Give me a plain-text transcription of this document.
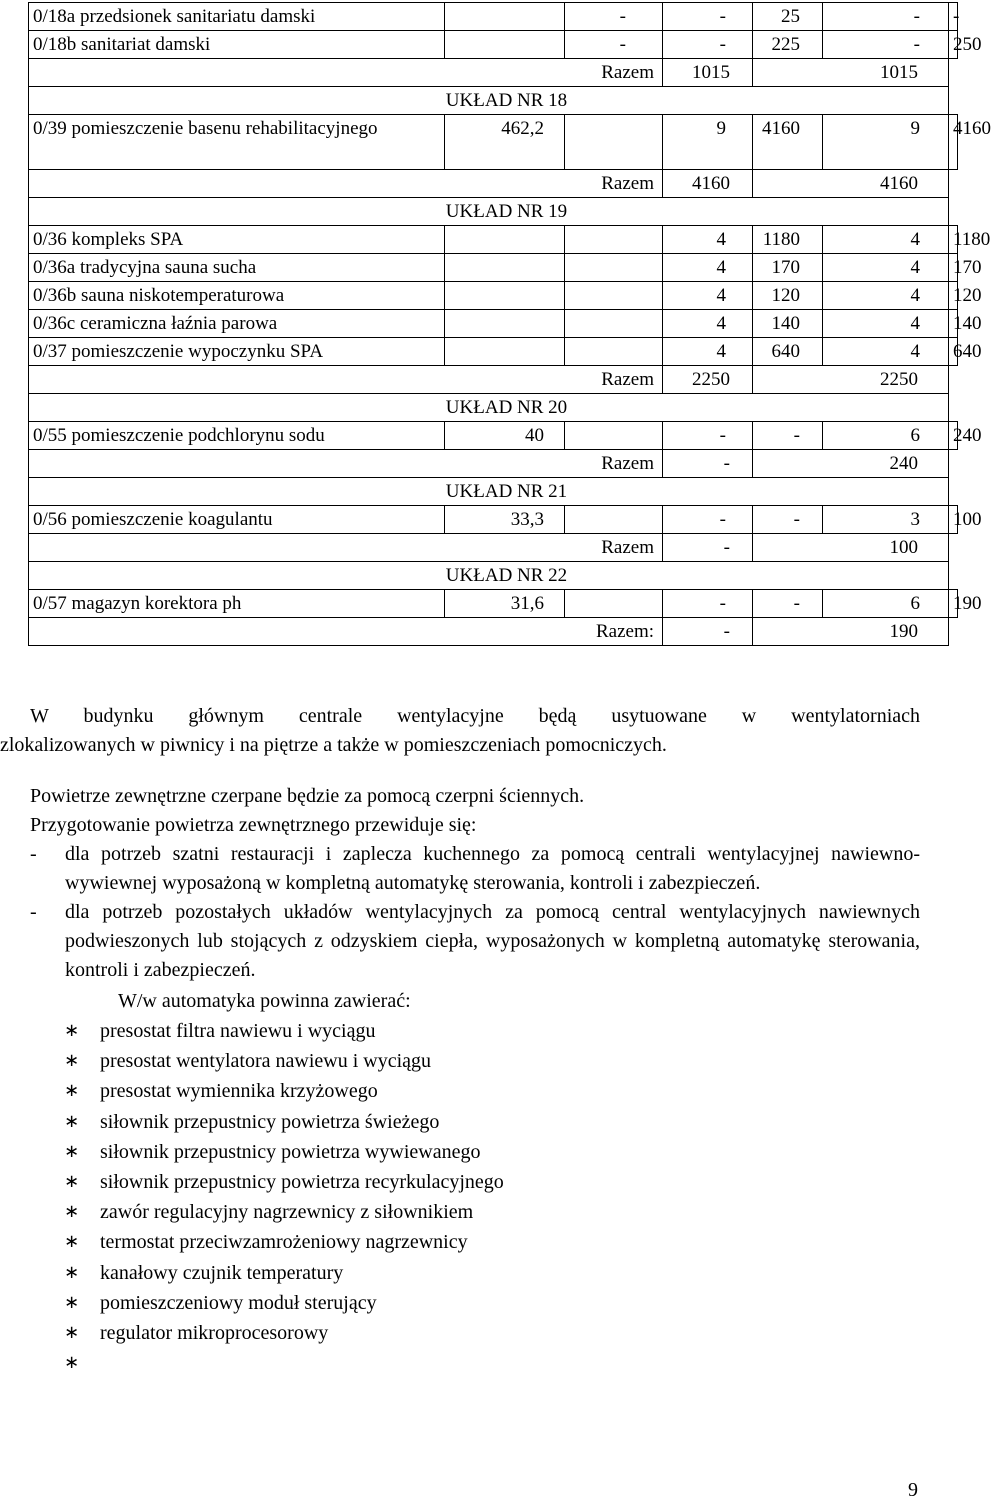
0/18a przedsionek sanitariatu damski		-	-	25	-	-
0/18b sanitariat damski		-	-	225	-	250
Razem			1015	1015		
UKŁAD NR 18						
0/39 pomieszczenie basenu rehabilitacyjnego	462,2		9	4160	9	4160
Razem			4160	4160		
UKŁAD NR 19						
0/36 kompleks SPA			4	1180	4	1180
0/36a tradycyjna sauna sucha			4	170	4	170
0/36b sauna niskotemperaturowa			4	120	4	120
0/36c ceramiczna łaźnia parowa			4	140	4	140
0/37 pomieszczenie wypoczynku SPA			4	640	4	640
Razem			2250	2250		
UKŁAD NR 20						
0/55 pomieszczenie podchlorynu sodu	40		-	-	6	240
Razem			-	240		
UKŁAD NR 21						
0/56 pomieszczenie koagulantu	33,3		-	-	3	100
Razem			-	100		
UKŁAD NR 22						
0/57 magazyn korektora ph	31,6		-	-	6	190
Razem:			-	190		

W budynku głównym centrale wentylacyjne będą usytuowane w wentylatorniach
zlokalizowanych w piwnicy i na piętrze a także w pomieszczeniach pomocniczych.

Powietrze zewnętrzne czerpane będzie za pomocą czerpni ściennych.

Przygotowanie powietrza zewnętrznego przewiduje się:

- dla potrzeb szatni restauracji i zaplecza kuchennego za pomocą centrali wentylacyjnej nawiewno-wywiewnej wyposażoną w kompletną automatykę sterowania, kontroli i zabezpieczeń.

- dla potrzeb pozostałych układów wentylacyjnych za pomocą central wentylacyjnych nawiewnych podwieszonych lub stojących z odzyskiem ciepła, wyposażonych w kompletną automatykę sterowania, kontroli i zabezpieczeń.

W/w automatyka powinna zawierać:

∗ presostat filtra nawiewu i wyciągu
∗ presostat wentylatora nawiewu i wyciągu
∗ presostat wymiennika krzyżowego
∗ siłownik przepustnicy powietrza świeżego
∗ siłownik przepustnicy powietrza wywiewanego
∗ siłownik przepustnicy powietrza recyrkulacyjnego
∗ zawór regulacyjny nagrzewnicy z siłownikiem
∗ termostat przeciwzamrożeniowy nagrzewnicy
∗ kanałowy czujnik temperatury
∗ pomieszczeniowy moduł sterujący
∗ regulator mikroprocesorowy
∗
9
